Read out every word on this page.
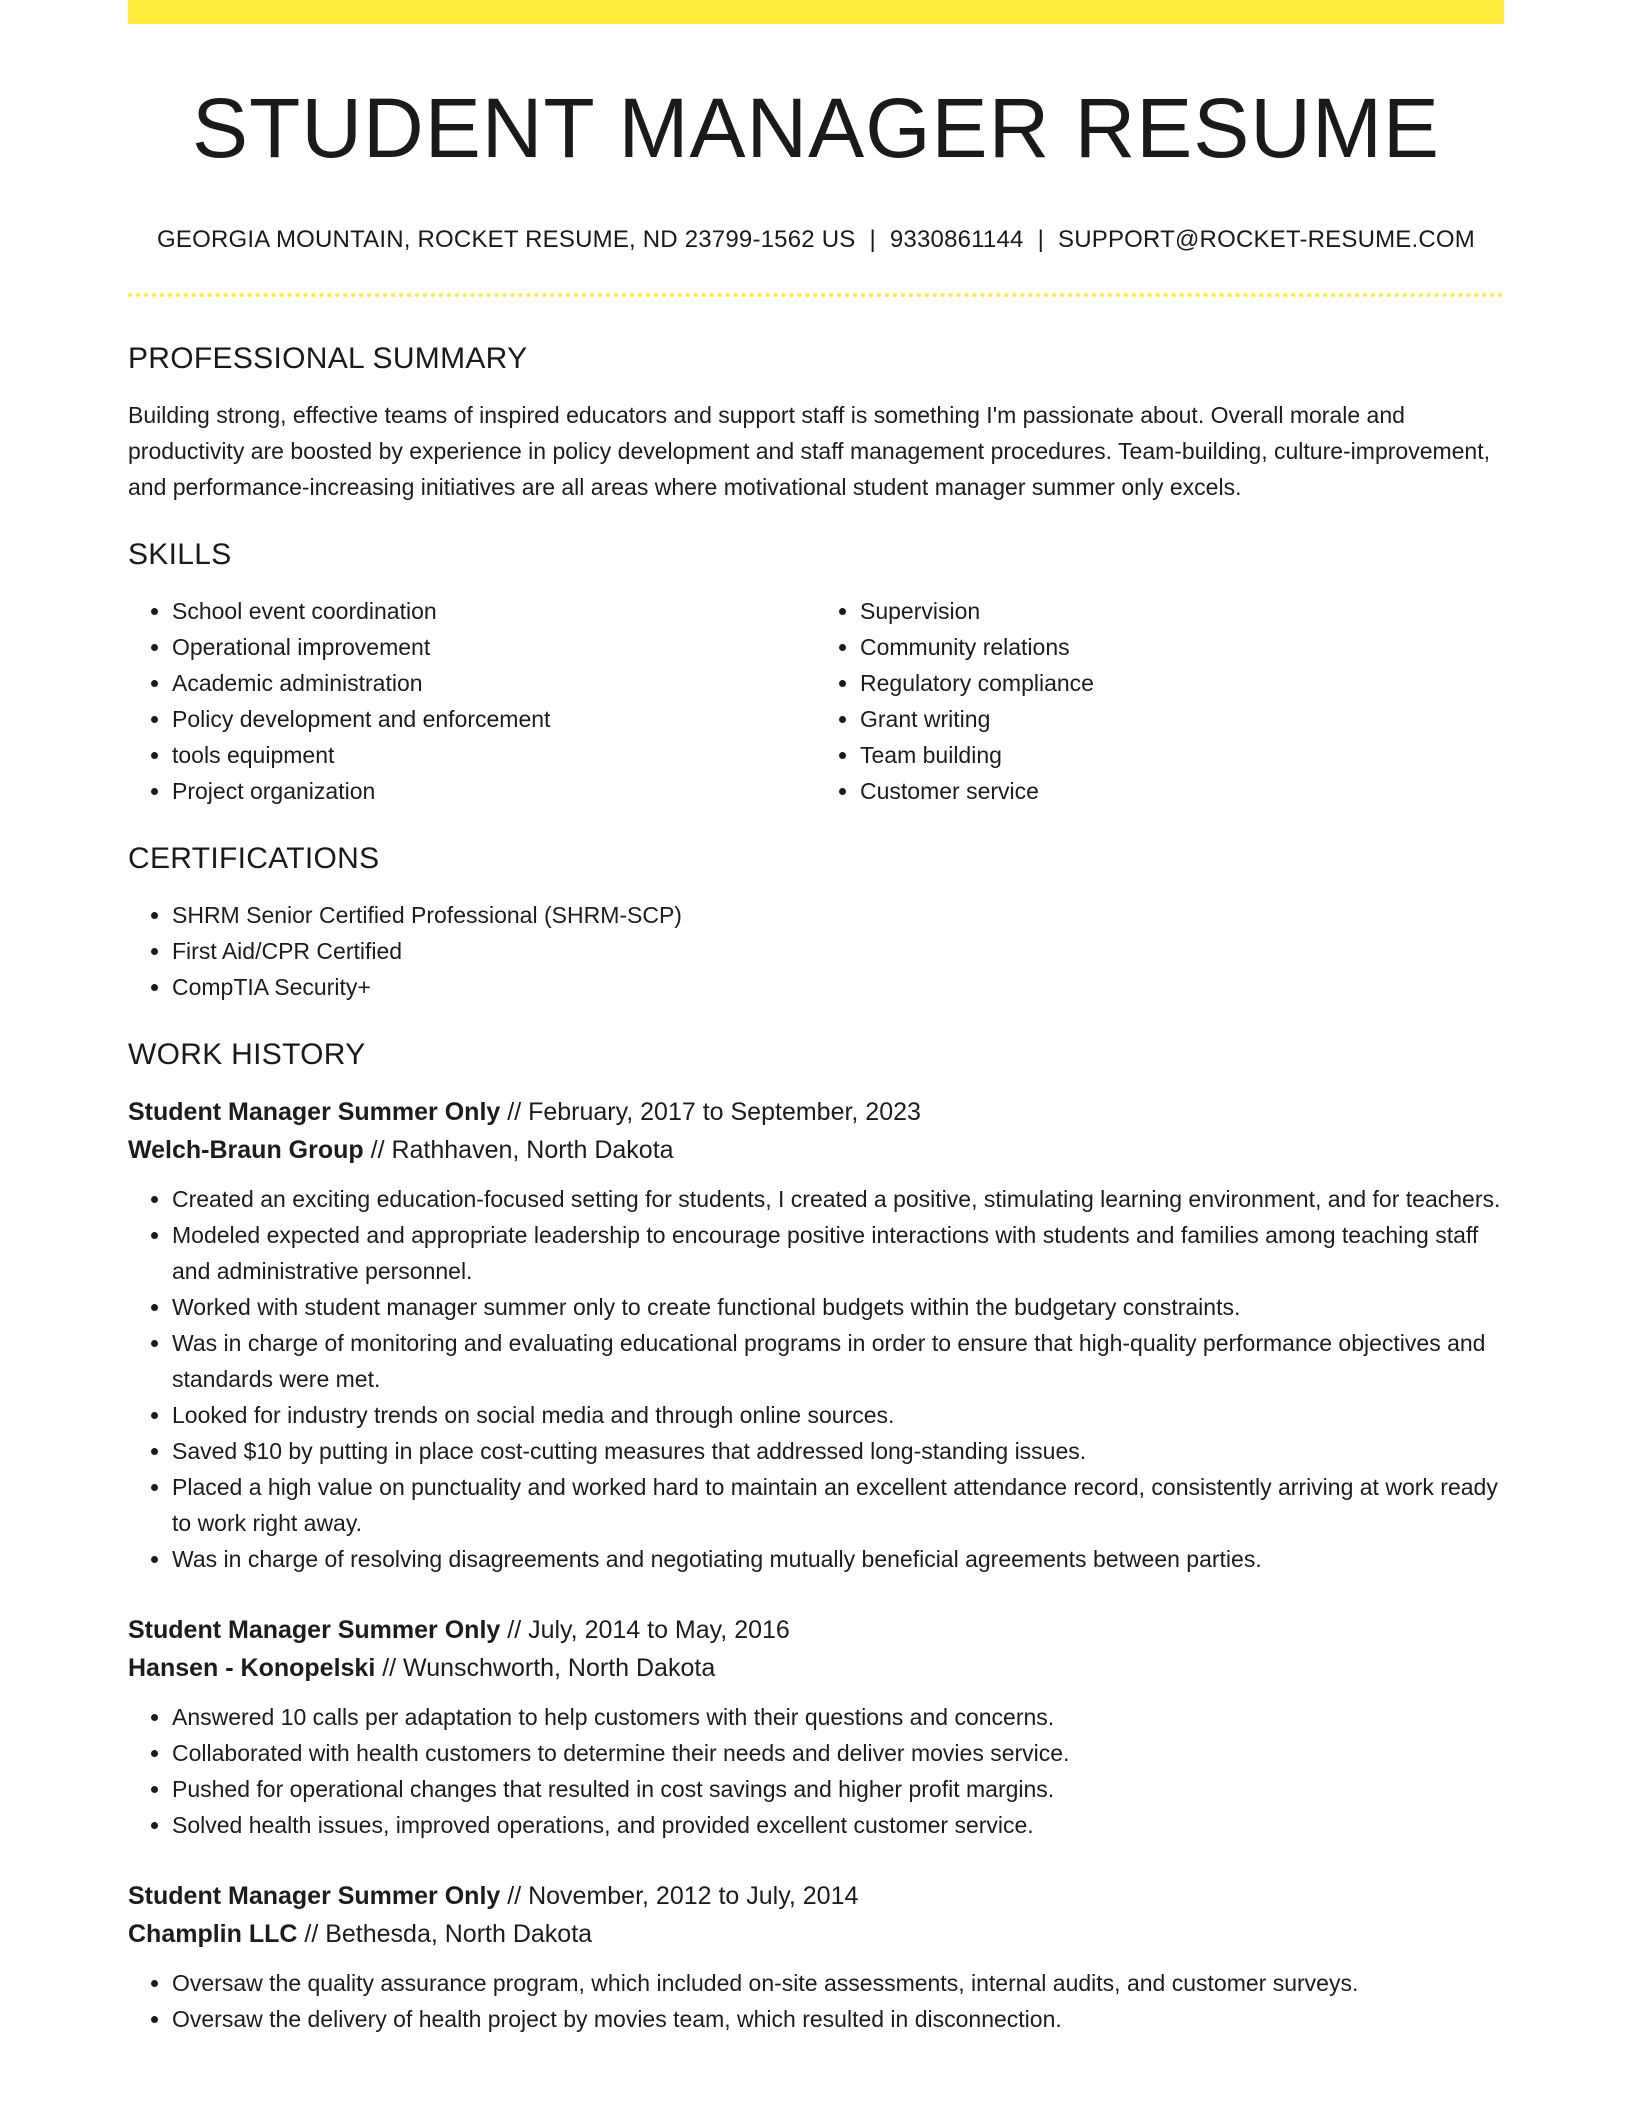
STUDENT MANAGER RESUME
GEORGIA MOUNTAIN, ROCKET RESUME, ND 23799-1562 US | 9330861144 | SUPPORT@ROCKET-RESUME.COM
PROFESSIONAL SUMMARY
Building strong, effective teams of inspired educators and support staff is something I'm passionate about. Overall morale and productivity are boosted by experience in policy development and staff management procedures. Team-building, culture-improvement, and performance-increasing initiatives are all areas where motivational student manager summer only excels.
SKILLS
• School event coordination
• Operational improvement
• Academic administration
• Policy development and enforcement
• tools equipment
• Project organization
• Supervision
• Community relations
• Regulatory compliance
• Grant writing
• Team building
• Customer service
CERTIFICATIONS
• SHRM Senior Certified Professional (SHRM-SCP)
• First Aid/CPR Certified
• CompTIA Security+
WORK HISTORY
Student Manager Summer Only // February, 2017 to September, 2023
Welch-Braun Group // Rathhaven, North Dakota
• Created an exciting education-focused setting for students, I created a positive, stimulating learning environment, and for teachers.
• Modeled expected and appropriate leadership to encourage positive interactions with students and families among teaching staff and administrative personnel.
• Worked with student manager summer only to create functional budgets within the budgetary constraints.
• Was in charge of monitoring and evaluating educational programs in order to ensure that high-quality performance objectives and standards were met.
• Looked for industry trends on social media and through online sources.
• Saved $10 by putting in place cost-cutting measures that addressed long-standing issues.
• Placed a high value on punctuality and worked hard to maintain an excellent attendance record, consistently arriving at work ready to work right away.
• Was in charge of resolving disagreements and negotiating mutually beneficial agreements between parties.
Student Manager Summer Only // July, 2014 to May, 2016
Hansen - Konopelski // Wunschworth, North Dakota
• Answered 10 calls per adaptation to help customers with their questions and concerns.
• Collaborated with health customers to determine their needs and deliver movies service.
• Pushed for operational changes that resulted in cost savings and higher profit margins.
• Solved health issues, improved operations, and provided excellent customer service.
Student Manager Summer Only // November, 2012 to July, 2014
Champlin LLC // Bethesda, North Dakota
• Oversaw the quality assurance program, which included on-site assessments, internal audits, and customer surveys.
• Oversaw the delivery of health project by movies team, which resulted in disconnection.
